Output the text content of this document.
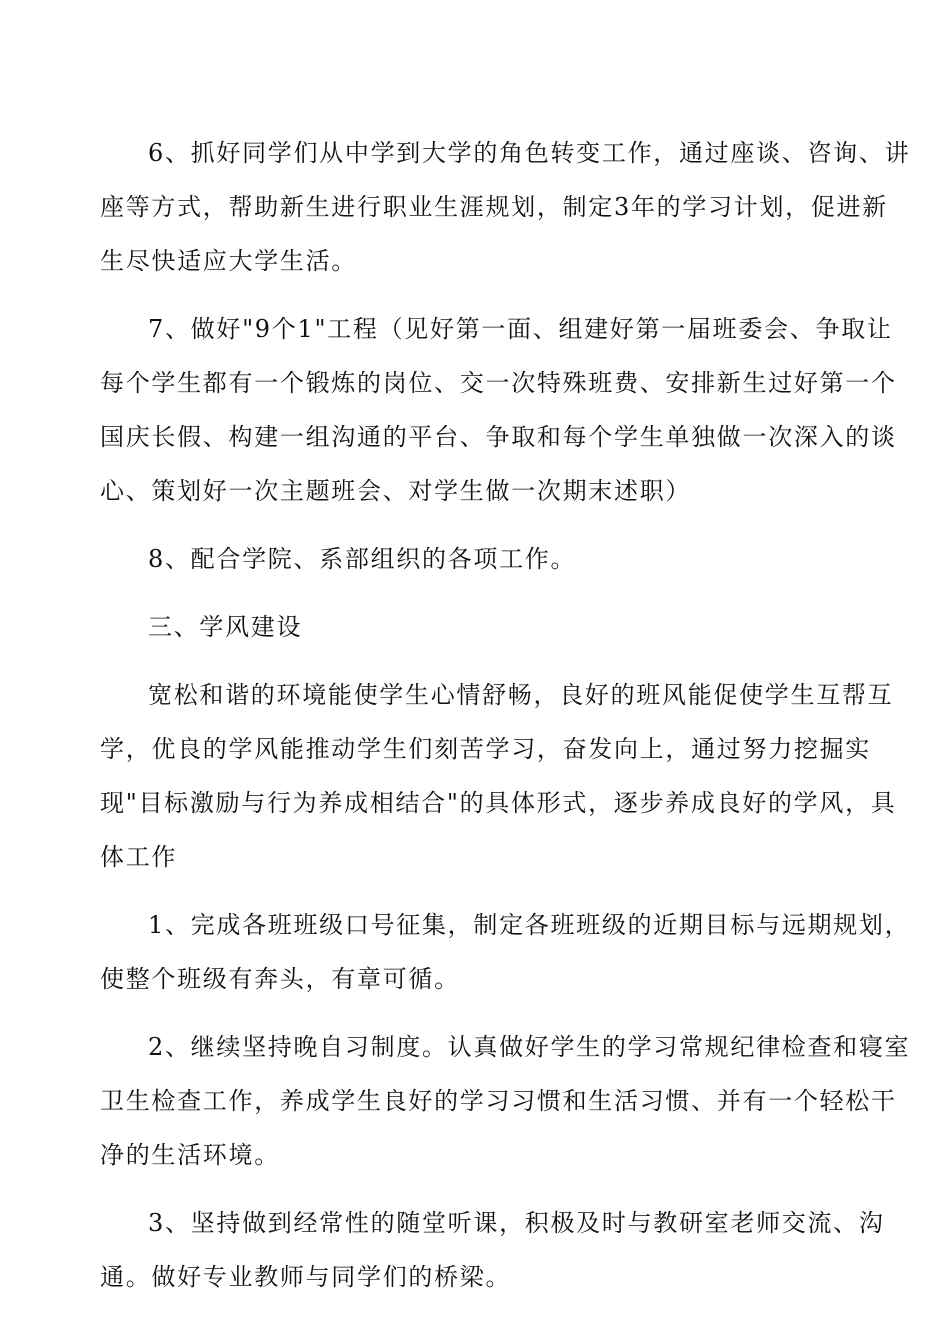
6、抓好同学们从中学到大学的角色转变工作，通过座谈、咨询、讲
座等方式，帮助新生进行职业生涯规划，制定3年的学习计划，促进新
生尽快适应大学生活。

7、做好"9个1"工程（见好第一面、组建好第一届班委会、争取让
每个学生都有一个锻炼的岗位、交一次特殊班费、安排新生过好第一个
国庆长假、构建一组沟通的平台、争取和每个学生单独做一次深入的谈
心、策划好一次主题班会、对学生做一次期末述职）

8、配合学院、系部组织的各项工作。

三、学风建设

宽松和谐的环境能使学生心情舒畅，良好的班风能促使学生互帮互
学，优良的学风能推动学生们刻苦学习，奋发向上，通过努力挖掘实
现"目标激励与行为养成相结合"的具体形式，逐步养成良好的学风，具
体工作

1、完成各班班级口号征集，制定各班班级的近期目标与远期规划，
使整个班级有奔头，有章可循。

2、继续坚持晚自习制度。认真做好学生的学习常规纪律检查和寝室
卫生检查工作，养成学生良好的学习习惯和生活习惯、并有一个轻松干
净的生活环境。

3、坚持做到经常性的随堂听课，积极及时与教研室老师交流、沟
通。做好专业教师与同学们的桥梁。
